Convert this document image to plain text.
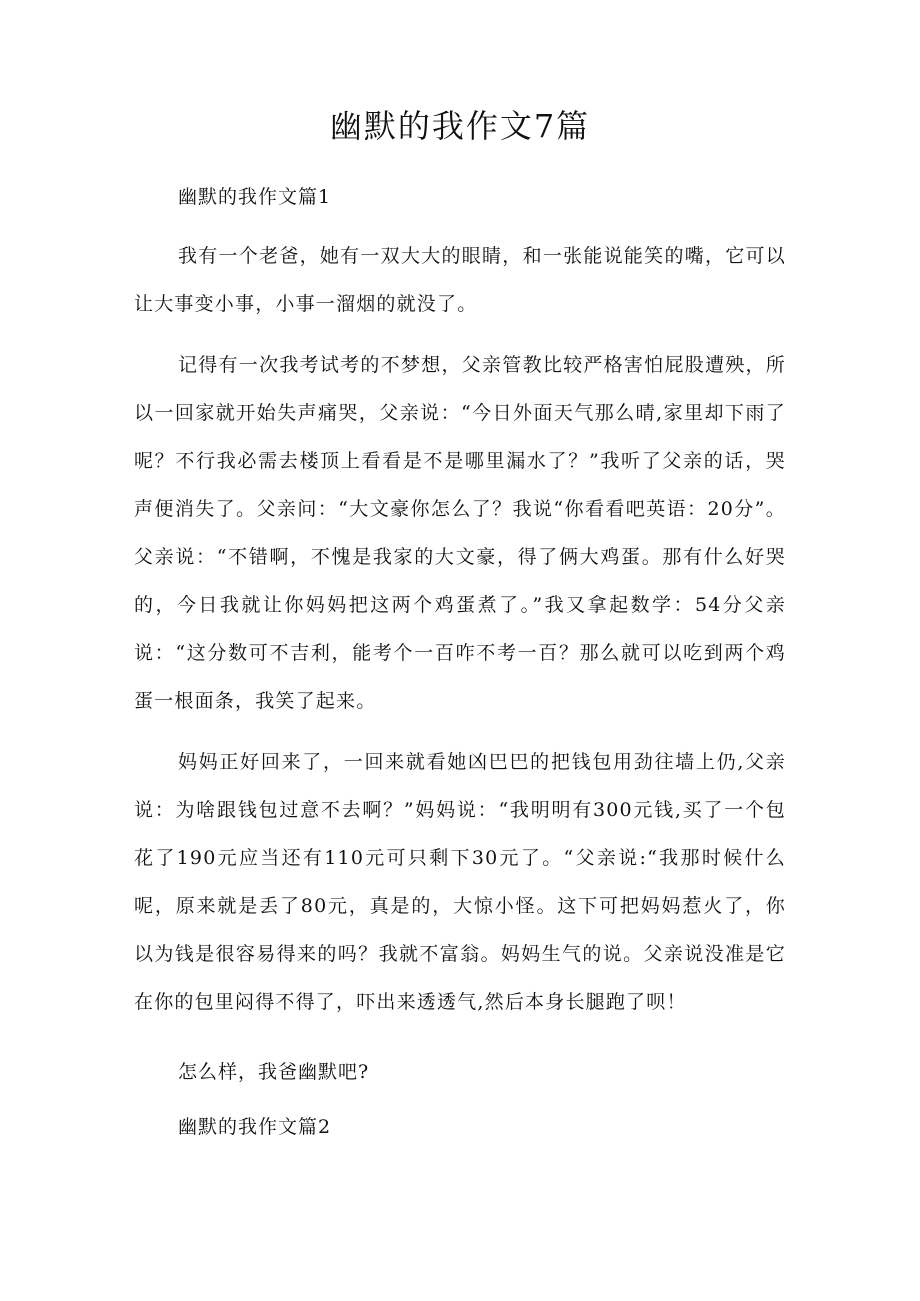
幽默的我作文7篇

幽默的我作文篇1

我有一个老爸，她有一双大大的眼睛，和一张能说能笑的嘴，它可以让大事变小事，小事一溜烟的就没了。

记得有一次我考试考的不梦想，父亲管教比较严格害怕屁股遭殃，所以一回家就开始失声痛哭，父亲说：“今日外面天气那么晴,家里却下雨了呢？不行我必需去楼顶上看看是不是哪里漏水了？”我听了父亲的话，哭声便消失了。父亲问：“大文豪你怎么了？我说“你看看吧英语：20分”。父亲说：“不错啊，不愧是我家的大文豪，得了俩大鸡蛋。那有什么好哭的，今日我就让你妈妈把这两个鸡蛋煮了。”我又拿起数学：54分父亲说：“这分数可不吉利，能考个一百咋不考一百？那么就可以吃到两个鸡蛋一根面条，我笑了起来。

妈妈正好回来了，一回来就看她凶巴巴的把钱包用劲往墙上仍,父亲说：为啥跟钱包过意不去啊？”妈妈说：“我明明有300元钱,买了一个包花了190元应当还有110元可只剩下30元了。“父亲说:“我那时候什么呢，原来就是丢了80元，真是的，大惊小怪。这下可把妈妈惹火了，你以为钱是很容易得来的吗？我就不富翁。妈妈生气的说。父亲说没准是它在你的包里闷得不得了，吓出来透透气,然后本身长腿跑了呗！

怎么样，我爸幽默吧?

幽默的我作文篇2
